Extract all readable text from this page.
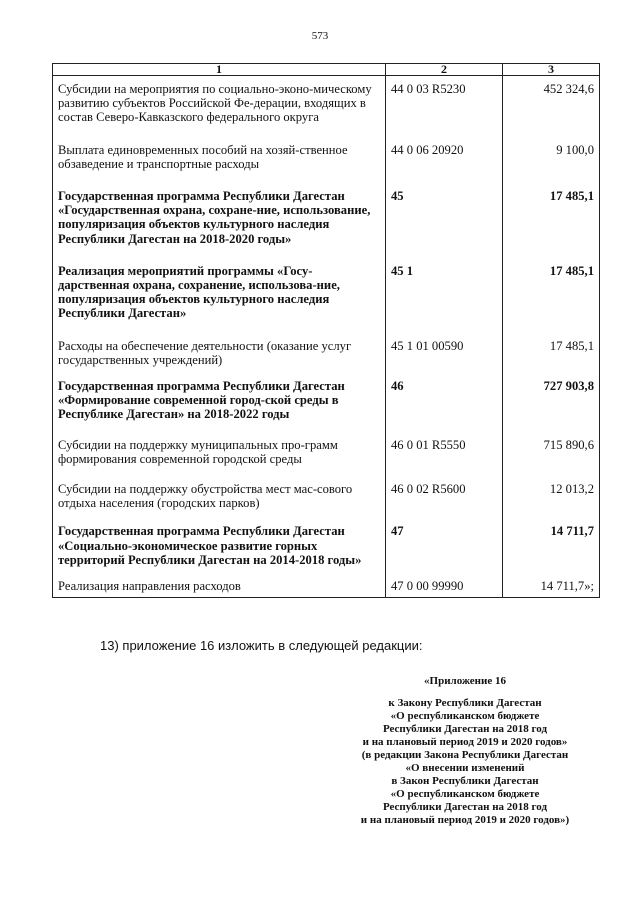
573
1	2	3
Субсидии на мероприятия по социально-эконо-мическому развитию субъектов Российской Фе-дерации, входящих в состав Северо-Кавказского федерального округа	44 0 03 R5230	452 324,6
Выплата единовременных пособий на хозяй-ственное обзаведение и транспортные расходы	44 0 06 20920	9 100,0
Государственная программа Республики Дагестан «Государственная охрана, сохране-ние, использование, популяризация объектов культурного наследия Республики Дагестан на 2018-2020 годы»	45	17 485,1
Реализация мероприятий программы «Госу-дарственная охрана, сохранение, использова-ние, популяризация объектов культурного наследия Республики Дагестан»	45 1	17 485,1
Расходы на обеспечение деятельности (оказание услуг государственных учреждений)	45 1 01 00590	17 485,1
Государственная программа Республики Дагестан «Формирование современной город-ской среды в Республике Дагестан» на 2018-2022 годы	46	727 903,8
Субсидии на поддержку муниципальных про-грамм формирования современной городской среды	46 0 01 R5550	715 890,6
Субсидии на поддержку обустройства мест мас-сового отдыха населения (городских парков)	46 0 02 R5600	12 013,2
Государственная программа Республики Дагестан «Социально-экономическое развитие горных территорий Республики Дагестан на 2014-2018 годы»	47	14 711,7
Реализация направления расходов	47 0 00 99990	14 711,7»;
13) приложение 16 изложить в следующей редакции:
«Приложение 16
к Закону Республики Дагестан
«О республиканском бюджете
Республики Дагестан на 2018 год
и на плановый период 2019 и 2020 годов»
(в редакции Закона Республики Дагестан
«О внесении изменений
в Закон Республики Дагестан
«О республиканском бюджете
Республики Дагестан на 2018 год
и на плановый период 2019 и 2020 годов»)
